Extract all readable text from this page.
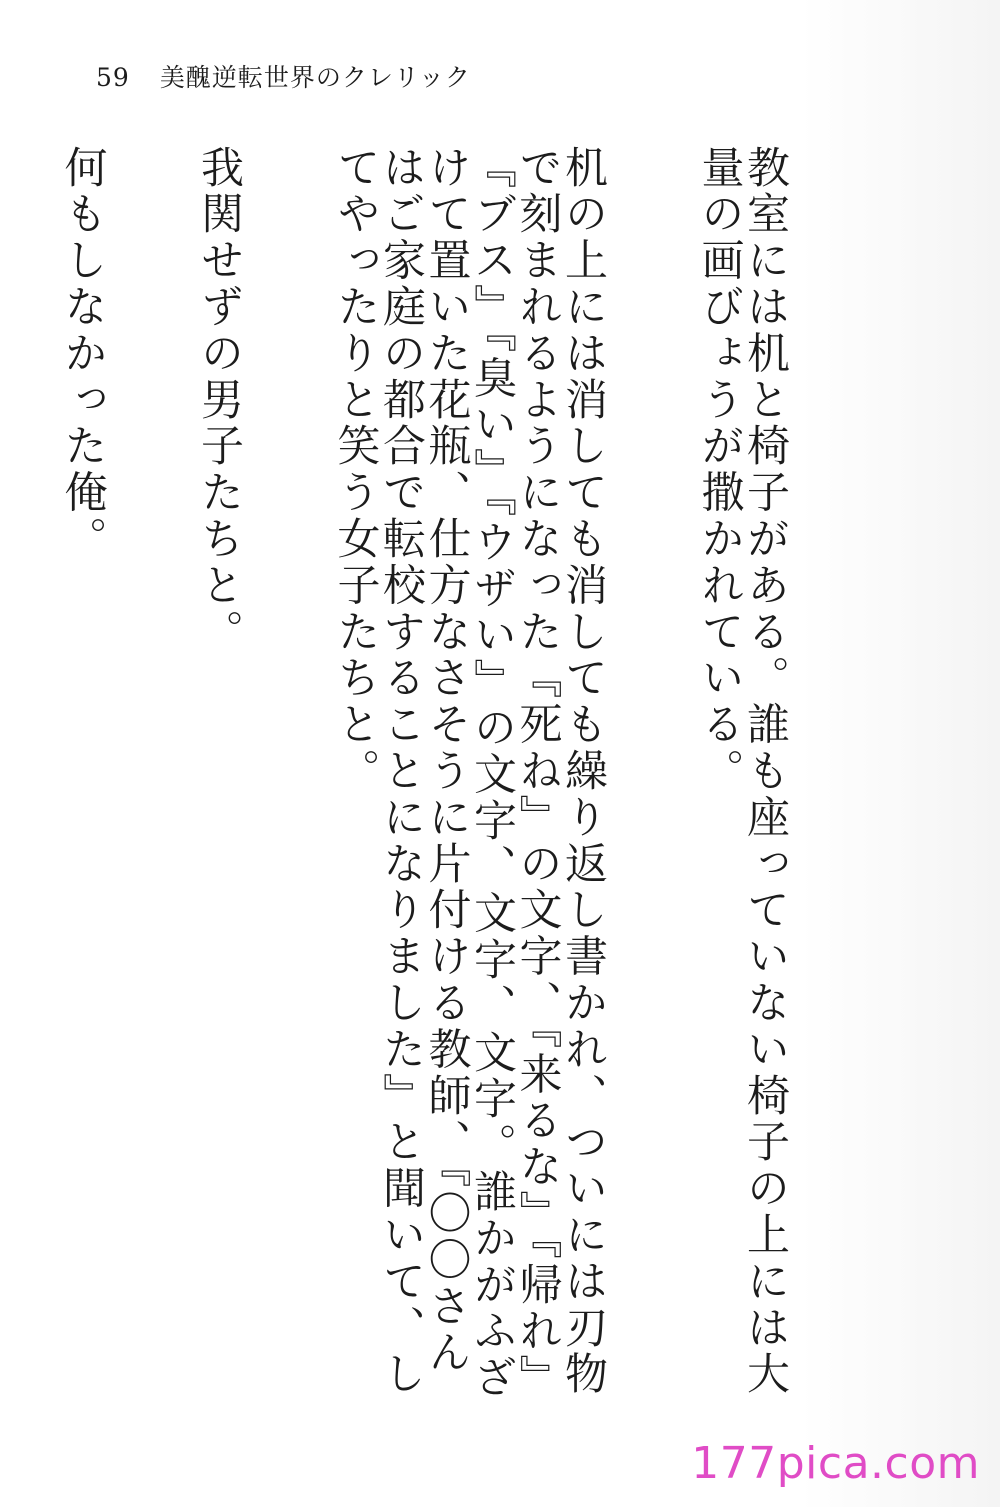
59 美醜逆転世界のクレリック

教室には机と椅子がある。誰も座っていない椅子の上には大量の画びょうが撒かれている。

机の上には消しても消しても繰り返し書かれ、ついには刃物で刻まれるようになった『死ね』の文字、『来るな』『帰れ』『ブス』『臭い』『ウザい』の文字、文字、文字。誰かがふざけて置いた花瓶、仕方なさそうに片付ける教師、『〇〇さんはご家庭の都合で転校することになりました』と聞いて、してやったりと笑う女子たちと。

我関せずの男子たちと。

何もしなかった俺。

177pica.com
